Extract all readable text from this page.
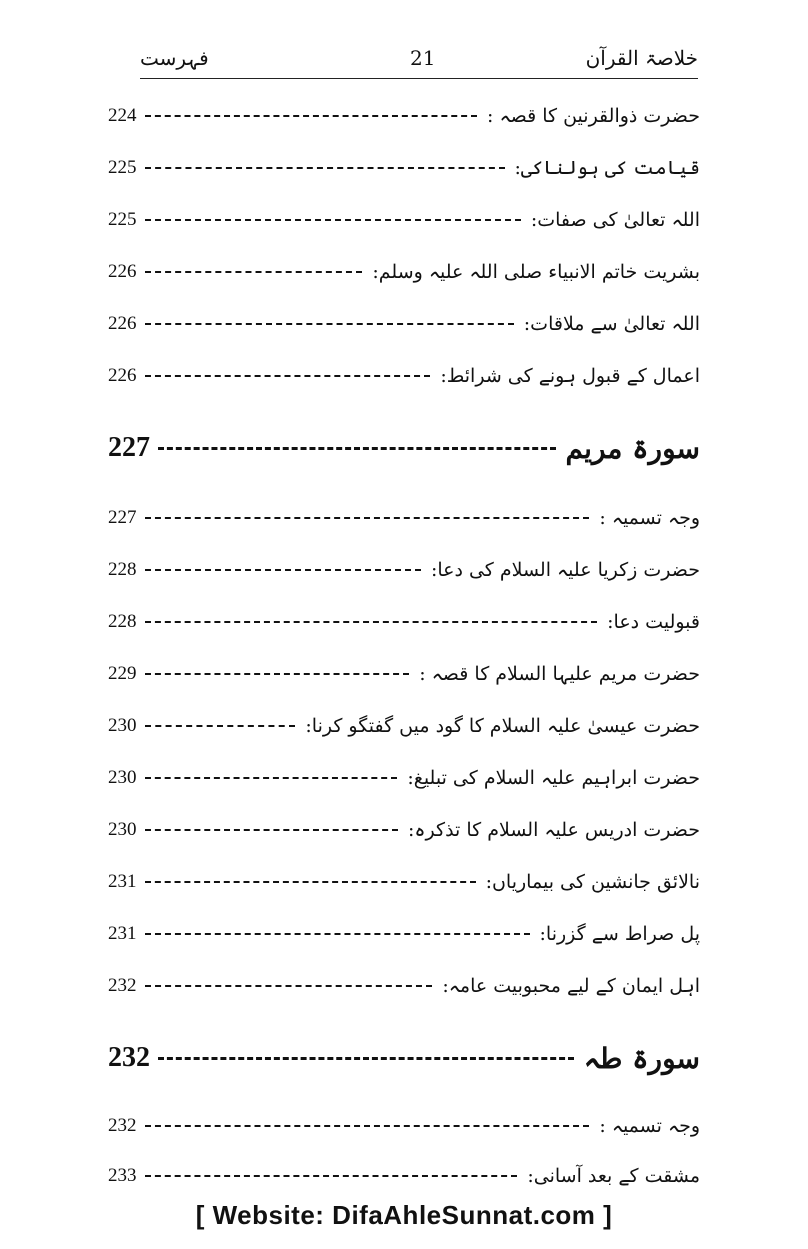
خلاصۃ القرآن
21
فہرست
حضرت ذوالقرنین کا قصہ :
224
قیامت کی ہولناکی:
225
اللہ تعالیٰ کی صفات:
225
بشریت خاتم الانبیاء صلی اللہ علیہ وسلم:
226
اللہ تعالیٰ سے ملاقات:
226
اعمال کے قبول ہونے کی شرائط:
226
سورۃ مریم
227
وجہ تسمیہ :
227
حضرت زکریا علیہ السلام کی دعا:
228
قبولیت دعا:
228
حضرت مریم علیہا السلام کا قصہ :
229
حضرت عیسیٰ علیہ السلام کا گود میں گفتگو کرنا:
230
حضرت ابراہیم علیہ السلام کی تبلیغ:
230
حضرت ادریس علیہ السلام کا تذکرہ:
230
نالائق جانشین کی بیماریاں:
231
پل صراط سے گزرنا:
231
اہل ایمان کے لیے محبوبیت عامہ:
232
سورۃ طہ
232
وجہ تسمیہ :
232
مشقت کے بعد آسانی:
233
[ Website: DifaAhleSunnat.com ]
